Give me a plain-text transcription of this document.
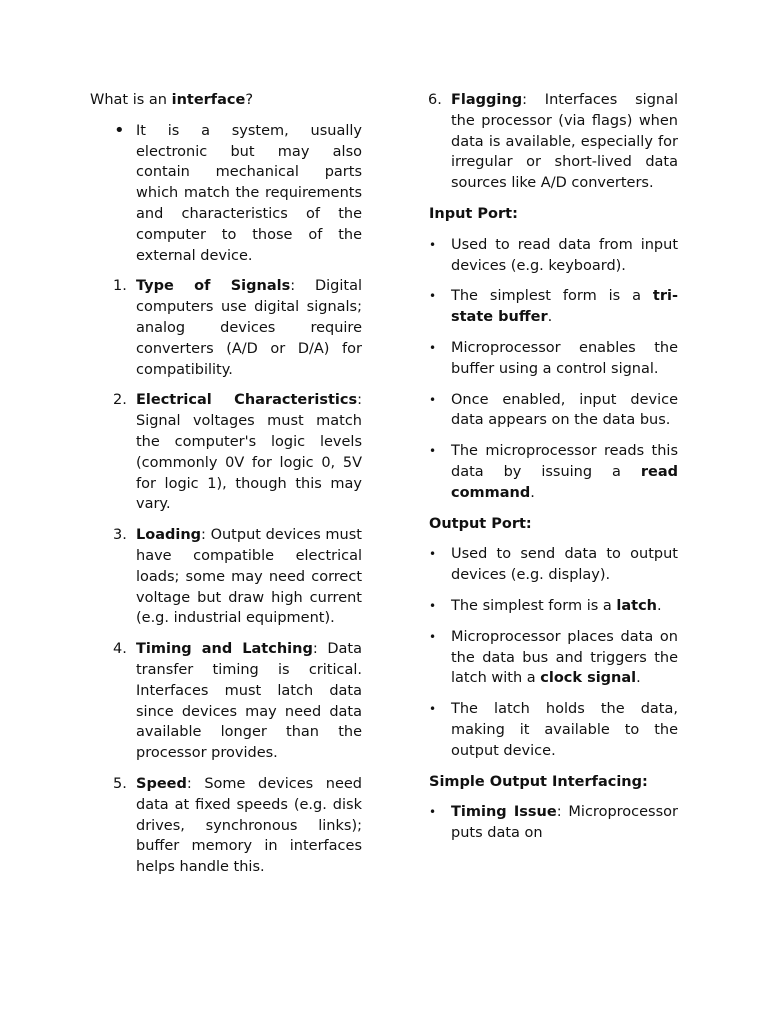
What is an interface?

• It is a system, usually electronic but may also contain mechanical parts which match the requirements and characteristics of the computer to those of the external device.

1. Type of Signals: Digital computers use digital signals; analog devices require converters (A/D or D/A) for compatibility.

2. Electrical Characteristics: Signal voltages must match the computer's logic levels (commonly 0V for logic 0, 5V for logic 1), though this may vary.

3. Loading: Output devices must have compatible electrical loads; some may need correct voltage but draw high current (e.g. industrial equipment).

4. Timing and Latching: Data transfer timing is critical. Interfaces must latch data since devices may need data available longer than the processor provides.

5. Speed: Some devices need data at fixed speeds (e.g. disk drives, synchronous links); buffer memory in interfaces helps handle this.

6. Flagging: Interfaces signal the processor (via flags) when data is available, especially for irregular or short-lived data sources like A/D converters.

Input Port:

• Used to read data from input devices (e.g. keyboard).

• The simplest form is a tri-state buffer.

• Microprocessor enables the buffer using a control signal.

• Once enabled, input device data appears on the data bus.

• The microprocessor reads this data by issuing a read command.

Output Port:

• Used to send data to output devices (e.g. display).

• The simplest form is a latch.

• Microprocessor places data on the data bus and triggers the latch with a clock signal.

• The latch holds the data, making it available to the output device.

Simple Output Interfacing:

• Timing Issue: Microprocessor puts data on
